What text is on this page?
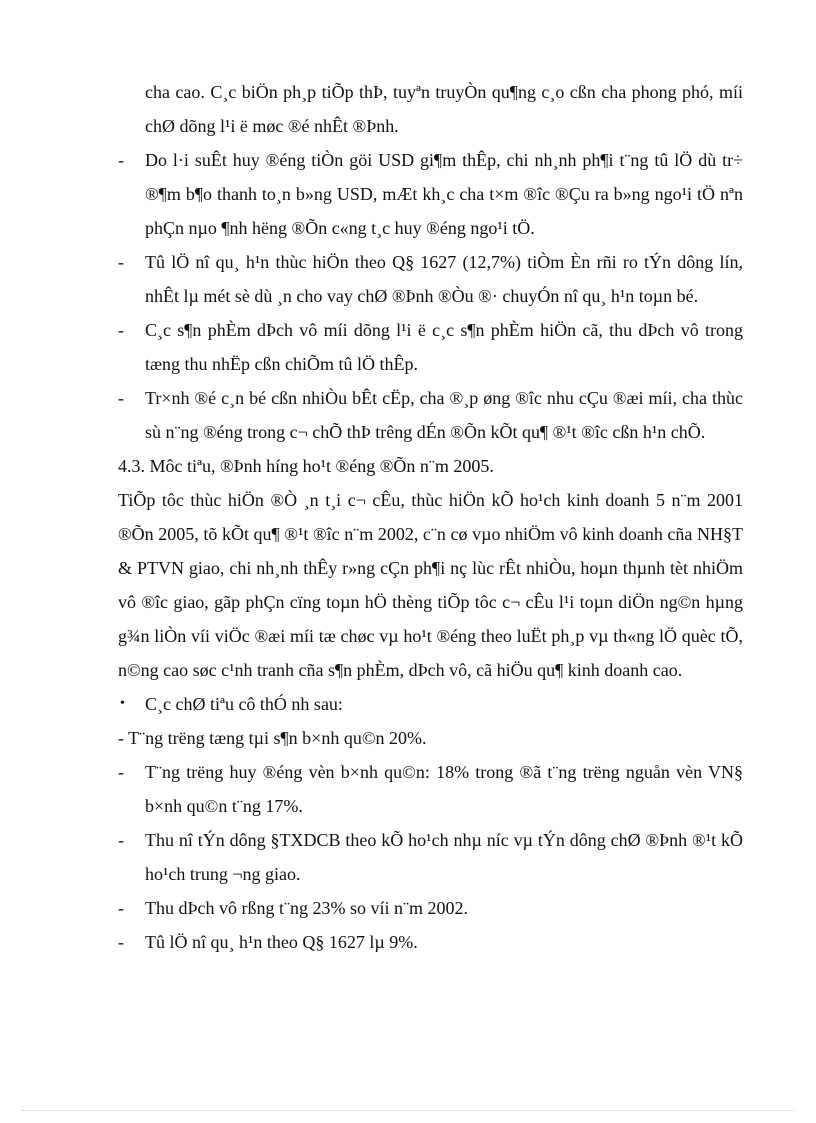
cha cao. C¸c biÖn ph¸p tiÕp thÞ, tuyªn truyÒn qu¶ng c¸o cßn cha phong phó, míi chØ dõng l¹i ë møc ®é nhÊt ®Þnh.

- Do l·i suÊt huy ®éng tiÒn göi USD gi¶m thÊp, chi nh¸nh ph¶i t¨ng tû lÖ dù tr÷ ®¶m b¶o thanh to¸n b»ng USD, mÆt kh¸c cha t×m ®îc ®Çu ra b»ng ngo¹i tÖ nªn phÇn nµo ¶nh hëng ®Õn c«ng t¸c huy ®éng ngo¹i tÖ.
- Tû lÖ nî qu¸ h¹n thùc hiÖn theo Q§ 1627 (12,7%) tiÒm Èn rñi ro tÝn dông lín, nhÊt lµ mét sè dù ¸n cho vay chØ ®Þnh ®Òu ®· chuyÓn nî qu¸ h¹n toµn bé.
- C¸c s¶n phÈm dÞch vô míi dõng l¹i ë c¸c s¶n phÈm hiÖn cã, thu dÞch vô trong tæng thu nhËp cßn chiÕm tû lÖ thÊp.
- Tr×nh ®é c¸n bé cßn nhiÒu bÊt cËp, cha ®¸p øng ®îc nhu cÇu ®æi míi, cha thùc sù n¨ng ®éng trong c¬ chÕ thÞ trêng dÉn ®Õn kÕt qu¶ ®¹t ®îc cßn h¹n chÕ.

4.3. Môc tiªu, ®Þnh híng ho¹t ®éng ®Õn n¨m 2005.

TiÕp tôc thùc hiÖn ®Ò ¸n t¸i c¬ cÊu, thùc hiÖn kÕ ho¹ch kinh doanh 5 n¨m 2001 ®Õn 2005, tõ kÕt qu¶ ®¹t ®îc n¨m 2002, c¨n cø vµo nhiÖm vô kinh doanh cña NH§T & PTVN giao, chi nh¸nh thÊy r»ng cÇn ph¶i nç lùc rÊt nhiÒu, hoµn thµnh tèt nhiÖm vô ®îc giao, gãp phÇn cïng toµn hÖ thèng tiÕp tôc c¬ cÊu l¹i toµn diÖn ng©n hµng g¾n liÒn víi viÖc ®æi míi tæ chøc vµ ho¹t ®éng theo luËt ph¸p vµ th«ng lÖ quèc tÕ, n©ng cao søc c¹nh tranh cña s¶n phÈm, dÞch vô, cã hiÖu qu¶ kinh doanh cao.

• C¸c chØ tiªu cô thÓ nh sau:

- T¨ng trëng tæng tµi s¶n b×nh qu©n 20%.

- T¨ng trëng huy ®éng vèn b×nh qu©n: 18% trong ®ã t¨ng trëng nguån vèn VN§ b×nh qu©n t¨ng 17%.
- Thu nî tÝn dông §TXDCB theo kÕ ho¹ch nhµ níc vµ tÝn dông chØ ®Þnh ®¹t kÕ ho¹ch trung ¬ng giao.
- Thu dÞch vô rßng t¨ng 23% so víi n¨m 2002.
- Tû lÖ nî qu¸ h¹n theo Q§ 1627 lµ 9%.
